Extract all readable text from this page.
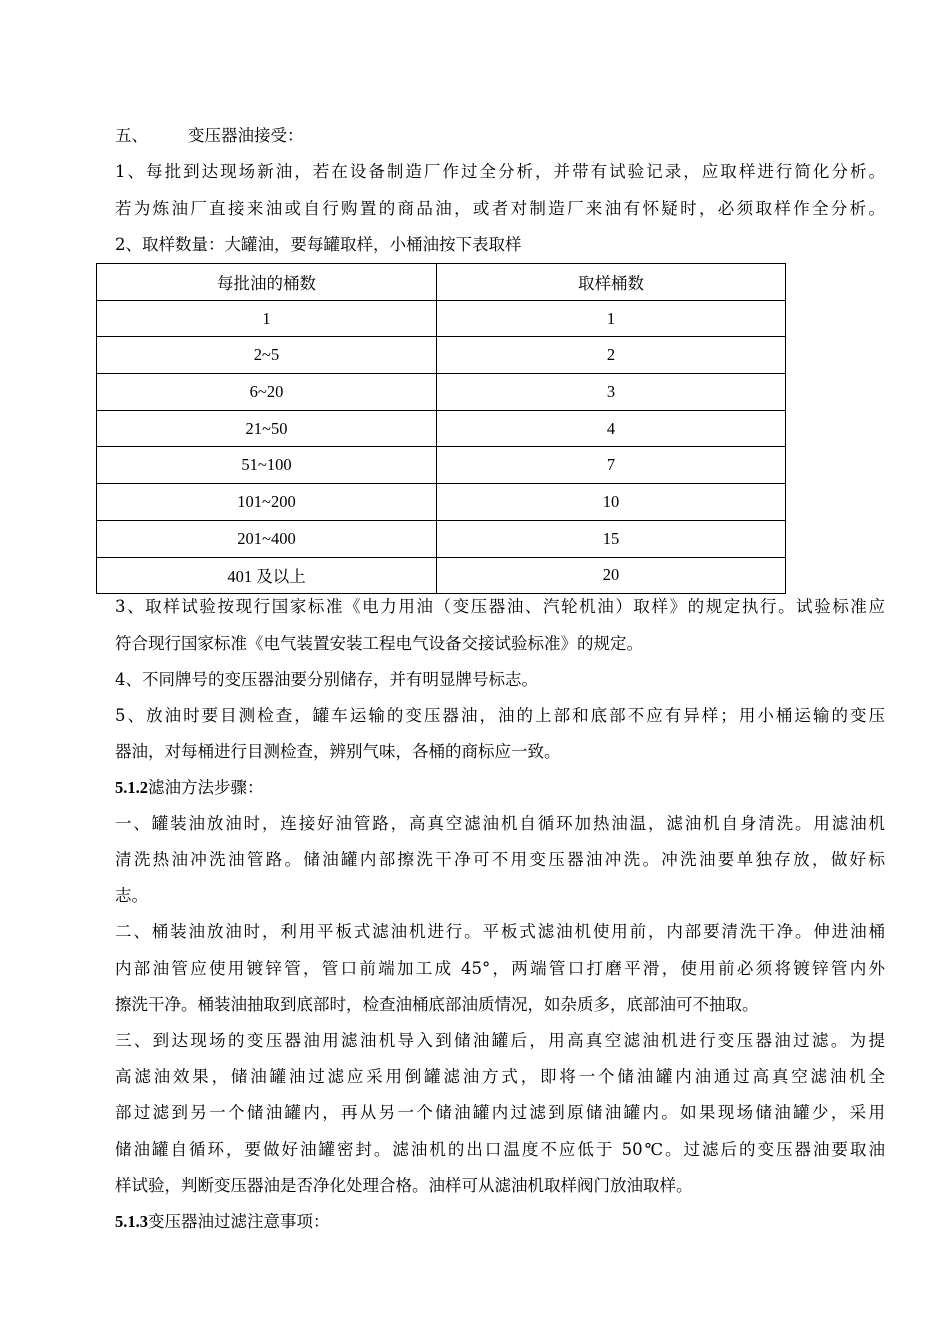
五、 变压器油接受：
1、每批到达现场新油，若在设备制造厂作过全分析，并带有试验记录，应取样进行简化分析。
若为炼油厂直接来油或自行购置的商品油，或者对制造厂来油有怀疑时，必须取样作全分析。
2、取样数量：大罐油，要每罐取样，小桶油按下表取样
每批油的桶数	取样桶数
1	1
2~5	2
6~20	3
21~50	4
51~100	7
101~200	10
201~400	15
401 及以上	20
3、取样试验按现行国家标准《电力用油（变压器油、汽轮机油）取样》的规定执行。试验标准应
符合现行国家标准《电气装置安装工程电气设备交接试验标准》的规定。
4、不同牌号的变压器油要分别储存，并有明显牌号标志。
5、放油时要目测检查，罐车运输的变压器油，油的上部和底部不应有异样；用小桶运输的变压
器油，对每桶进行目测检查，辨别气味，各桶的商标应一致。
5.1.2滤油方法步骤：
一、罐装油放油时，连接好油管路，高真空滤油机自循环加热油温，滤油机自身清洗。用滤油机
清洗热油冲洗油管路。储油罐内部擦洗干净可不用变压器油冲洗。冲洗油要单独存放，做好标
志。
二、桶装油放油时，利用平板式滤油机进行。平板式滤油机使用前，内部要清洗干净。伸进油桶
内部油管应使用镀锌管，管口前端加工成 45°，两端管口打磨平滑，使用前必须将镀锌管内外
擦洗干净。桶装油抽取到底部时，检查油桶底部油质情况，如杂质多，底部油可不抽取。
三、到达现场的变压器油用滤油机导入到储油罐后，用高真空滤油机进行变压器油过滤。为提
高滤油效果，储油罐油过滤应采用倒罐滤油方式，即将一个储油罐内油通过高真空滤油机全
部过滤到另一个储油罐内，再从另一个储油罐内过滤到原储油罐内。如果现场储油罐少，采用
储油罐自循环，要做好油罐密封。滤油机的出口温度不应低于 50℃。过滤后的变压器油要取油
样试验，判断变压器油是否净化处理合格。油样可从滤油机取样阀门放油取样。
5.1.3变压器油过滤注意事项：
